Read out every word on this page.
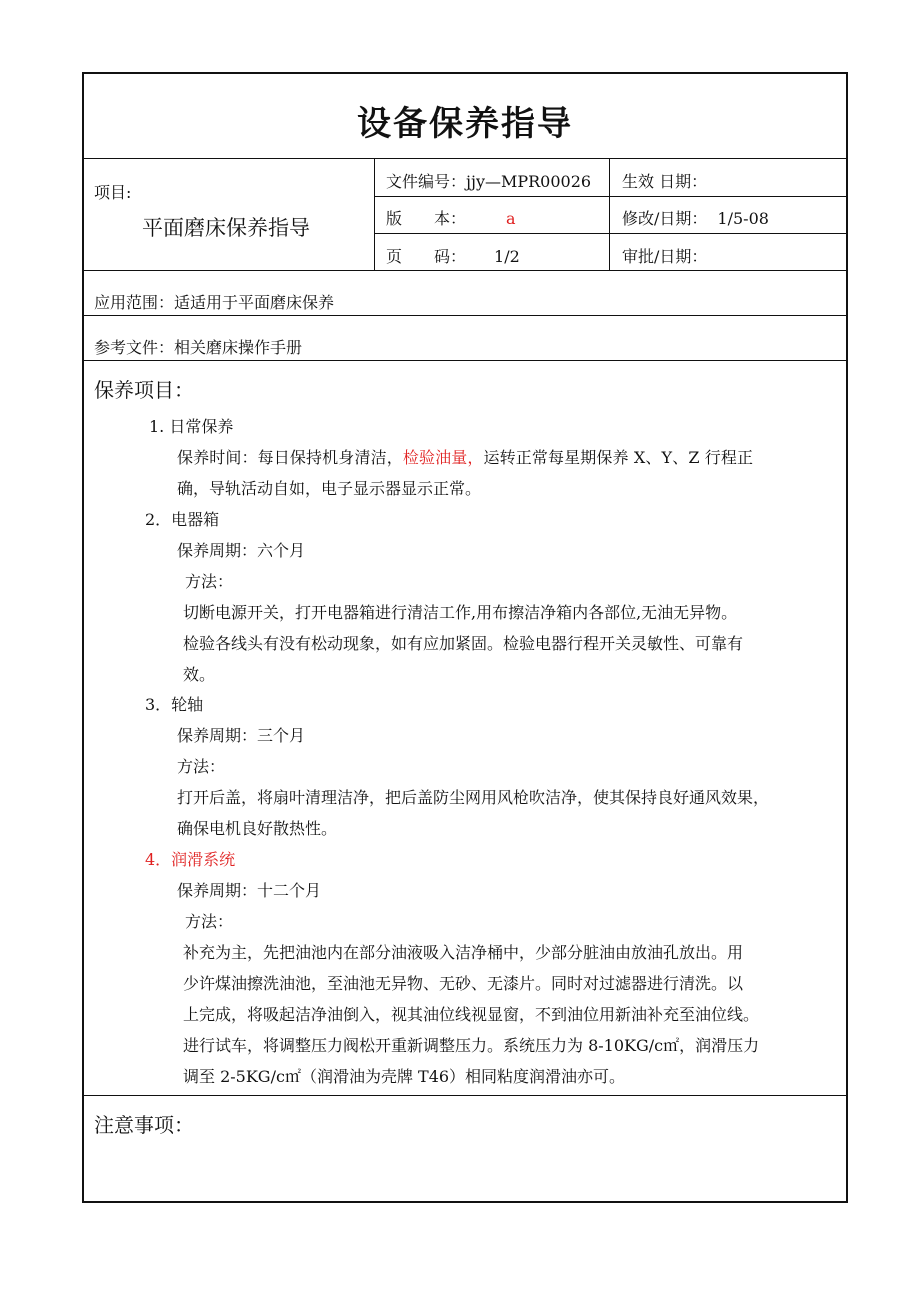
设备保养指导
项目:
平面磨床保养指导
文件编号：jjy—MPR00026
版　　本：	a
页　　码： 1/2
生效 日期：
修改/日期： 1/5-08
审批/日期：
应用范围：适适用于平面磨床保养
参考文件：相关磨床操作手册
保养项目：
注意事项：
1. 日常保养
保养时间：每日保持机身清洁，检验油量，运转正常每星期保养 X、Y、Z 行程正
确，导轨活动自如，电子显示器显示正常。
2．电器箱
保养周期：六个月
方法：
切断电源开关，打开电器箱进行清洁工作,用布擦洁净箱内各部位,无油无异物。
检验各线头有没有松动现象，如有应加紧固。检验电器行程开关灵敏性、可靠有
效。
3．轮轴
保养周期：三个月
方法：
打开后盖，将扇叶清理洁净，把后盖防尘网用风枪吹洁净，使其保持良好通风效果，
确保电机良好散热性。
4．润滑系统
保养周期：十二个月
方法：
补充为主，先把油池内在部分油液吸入洁净桶中，少部分脏油由放油孔放出。用
少许煤油擦洗油池，至油池无异物、无砂、无漆片。同时对过滤器进行清洗。以
上完成，将吸起洁净油倒入，视其油位线视显窗，不到油位用新油补充至油位线。
进行试车，将调整压力阀松开重新调整压力。系统压力为 8-10KG/c㎡，润滑压力
调至 2-5KG/c㎡（润滑油为壳牌 T46）相同粘度润滑油亦可。
